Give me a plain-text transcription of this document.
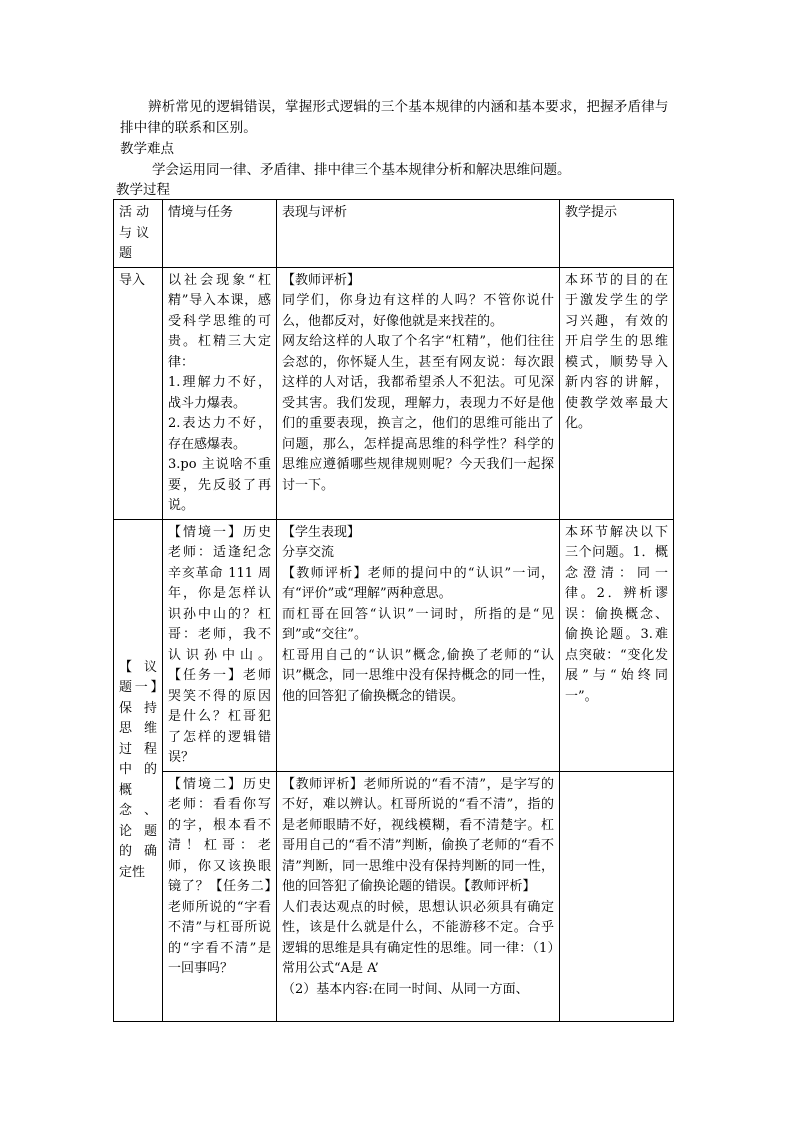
辨析常见的逻辑错误，掌握形式逻辑的三个基本规律的内涵和基本要求，把握矛盾律与排中律的联系和区别。

教学难点

学会运用同一律、矛盾律、排中律三个基本规律分析和解决思维问题。

教学过程

活 动与 议题	情境与任务	表现与评析	教学提示
导入	以社会现象“杠精”导入本课，感受科学思维的可贵。杠精三大定律：
1.理解力不好，战斗力爆表。
2.表达力不好，存在感爆表。
3.po 主说啥不重要，先反驳了再说。	【教师评析】
同学们，你身边有这样的人吗？不管你说什么，他都反对，好像他就是来找茬的。
网友给这样的人取了个名字“杠精”，他们往往会怼的，你怀疑人生，甚至有网友说：每次跟这样的人对话，我都希望杀人不犯法。可见深受其害。我们发现，理解力，表现力不好是他们的重要表现，换言之，他们的思维可能出了问题，那么，怎样提高思维的科学性？科学的思维应遵循哪些规律规则呢？今天我们一起探讨一下。	本环节的目的在于激发学生的学习兴趣，有效的开启学生的思维模式，顺势导入新内容的讲解，使教学效率最大化。
【 议题一】保持思维过程中的概念、论题的确定性	【情境一】历史老师：适逢纪念辛亥革命 111 周年，你是怎样认识孙中山的？杠哥：老师，我不认 识 孙 中 山 。【任务一】老师哭笑不得的原因是什么？杠哥犯了怎样的逻辑错误？	【学生表现】
分享交流
【教师评析】老师的提问中的“认识”一词，有“评价”或“理解”两种意思。
而杠哥在回答“认识”一词时，所指的是“见到”或“交往”。
杠哥用自己的“认识”概念,偷换了老师的“认识”概念，同一思维中没有保持概念的同一性，他的回答犯了偷换概念的错误。	本环节解决以下三个问题。1．概念澄清：同一律。2．辨析谬误：偷换概念、偷换论题。3.难点突破：“变化发展”与“始终同一”。
	【情境二】历史老师：看看你写的字，根本看不清！杠哥：老师，你又该换眼镜了？【任务二】老师所说的“字看不清”与杠哥所说的“字看不清”是一回事吗？	【教师评析】老师所说的“看不清”，是字写的不好，难以辨认。杠哥所说的“看不清”，指的是老师眼睛不好，视线模糊，看不清楚字。杠哥用自己的“看不清”判断，偷换了老师的“看不清”判断，同一思维中没有保持判断的同一性，他的回答犯了偷换论题的错误。【教师评析】
人们表达观点的时候，思想认识必须具有确定性，该是什么就是什么，不能游移不定。合乎逻辑的思维是具有确定性的思维。同一律：（1）常用公式“A是 A’
（2）基本内容:在同一时间、从同一方面、	
